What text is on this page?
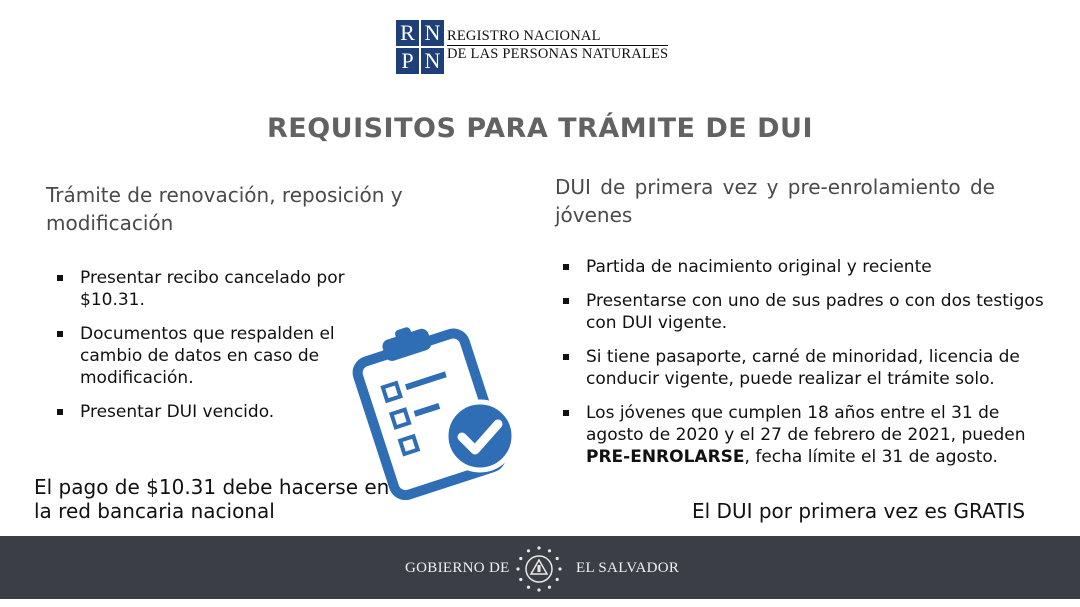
R N
P N
REGISTRO NACIONAL
DE LAS PERSONAS NATURALES
REQUISITOS PARA TRÁMITE DE DUI
Trámite de renovación, reposición y modificación
Presentar recibo cancelado por $10.31.
Documentos que respalden el cambio de datos en caso de modificación.
Presentar DUI vencido.
El pago de $10.31 debe hacerse en la red bancaria nacional
DUI de primera vez y pre-enrolamiento de jóvenes
Partida de nacimiento original y reciente
Presentarse con uno de sus padres o con dos testigos con DUI vigente.
Si tiene pasaporte, carné de minoridad, licencia de conducir vigente, puede realizar el trámite solo.
Los jóvenes que cumplen 18 años entre el 31 de agosto de 2020 y el 27 de febrero de 2021, pueden PRE-ENROLARSE, fecha límite el 31 de agosto.
El DUI por primera vez es GRATIS
GOBIERNO DE	EL SALVADOR
